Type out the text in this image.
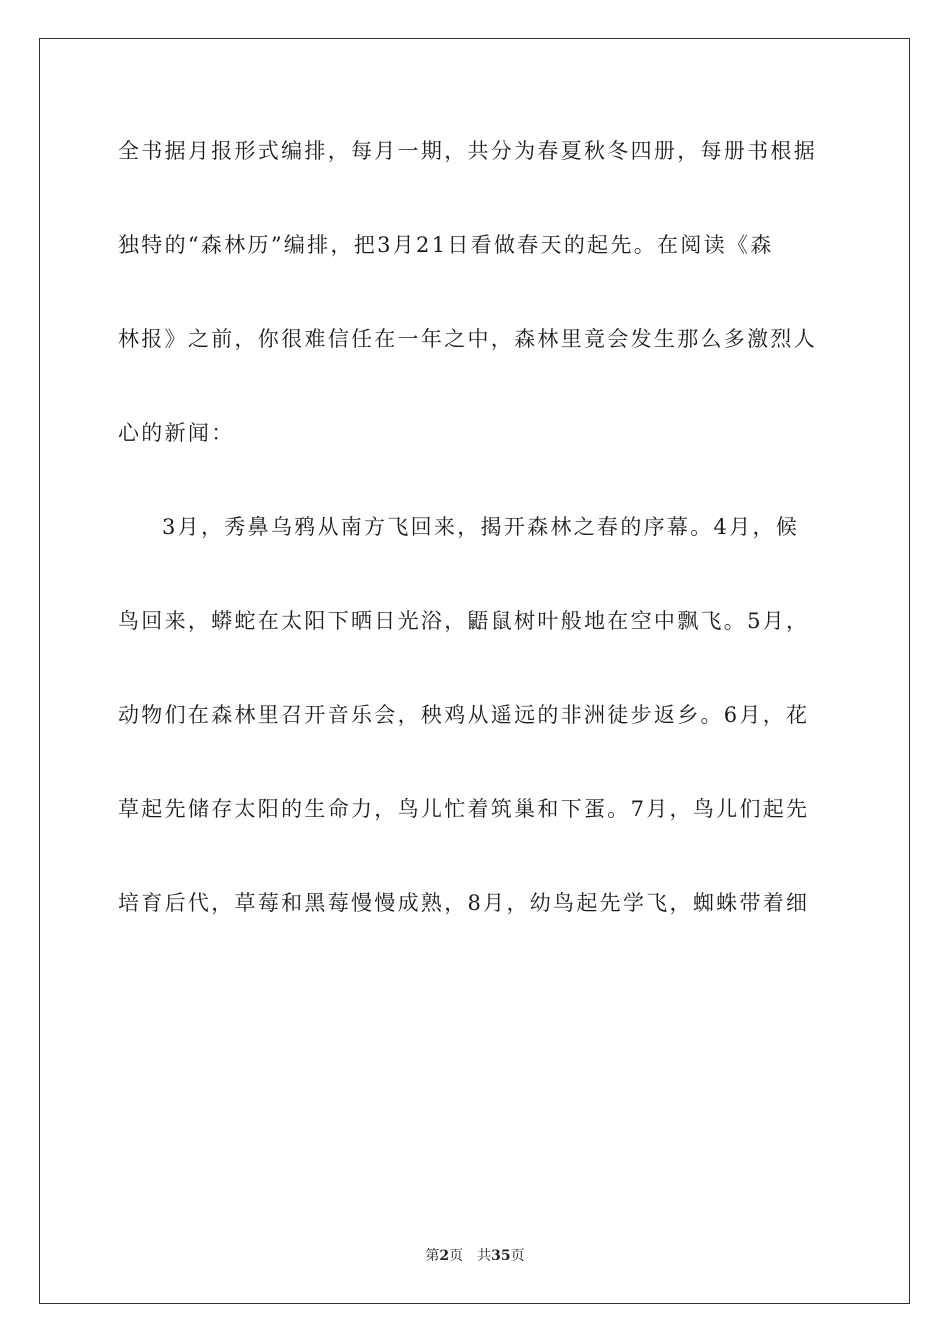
全书据月报形式编排，每月一期，共分为春夏秋冬四册，每册书根据
独特的“森林历”编排，把3月21日看做春天的起先。在阅读《森
林报》之前，你很难信任在一年之中，森林里竟会发生那么多激烈人
心的新闻：
3月，秀鼻乌鸦从南方飞回来，揭开森林之春的序幕。4月，候
鸟回来，蟒蛇在太阳下晒日光浴，鼯鼠树叶般地在空中飘飞。5月，
动物们在森林里召开音乐会，秧鸡从遥远的非洲徒步返乡。6月，花
草起先储存太阳的生命力，鸟儿忙着筑巢和下蛋。7月，鸟儿们起先
培育后代，草莓和黑莓慢慢成熟，8月，幼鸟起先学飞，蜘蛛带着细
第2页 共35页
